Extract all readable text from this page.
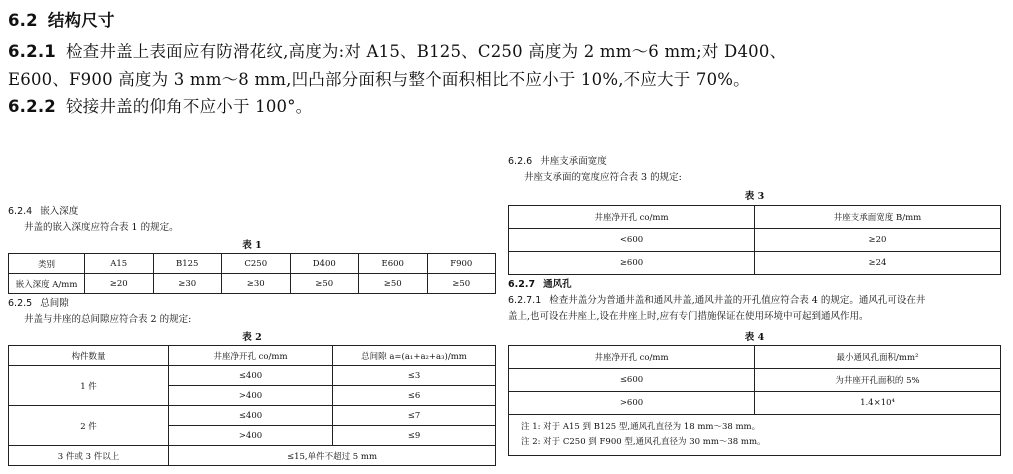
6.2 结构尺寸
6.2.1 检查井盖上表面应有防滑花纹,高度为:对 A15、B125、C250 高度为 2 mm～6 mm;对 D400、
E600、F900 高度为 3 mm～8 mm,凹凸部分面积与整个面积相比不应小于 10%,不应大于 70%。
6.2.2 铰接井盖的仰角不应小于 100°。
6.2.4 嵌入深度
井盖的嵌入深度应符合表 1 的规定。
表 1
类别	A15	B125	C250	D400	E600	F900
嵌入深度 A/mm	≥20	≥30	≥30	≥50	≥50	≥50
6.2.5 总间隙
井盖与井座的总间隙应符合表 2 的规定:
表 2
构件数量	井座净开孔 co/mm	总间隙 a=(a₁+a₂+a₃)/mm
1 件	≤400	≤3
	>400	≤6
2 件	≤400	≤7
	>400	≤9
3 件或 3 件以上	≤15,单件不超过 5 mm	
6.2.6 井座支承面宽度
井座支承面的宽度应符合表 3 的规定:
表 3
井座净开孔 co/mm	井座支承面宽度 B/mm
<600	≥20
≥600	≥24
6.2.7 通风孔
6.2.7.1 检查井盖分为普通井盖和通风井盖,通风井盖的开孔值应符合表 4 的规定。通风孔可设在井
盖上,也可设在井座上,设在井座上时,应有专门措施保证在使用环境中可起到通风作用。
表 4
井座净开孔 co/mm	最小通风孔面积/mm²
≤600	为井座开孔面积的 5%
>600	1.4×10⁴

注 1: 对于 A15 到 B125 型,通风孔直径为 18 mm～38 mm。
注 2: 对于 C250 到 F900 型,通风孔直径为 30 mm～38 mm。	
